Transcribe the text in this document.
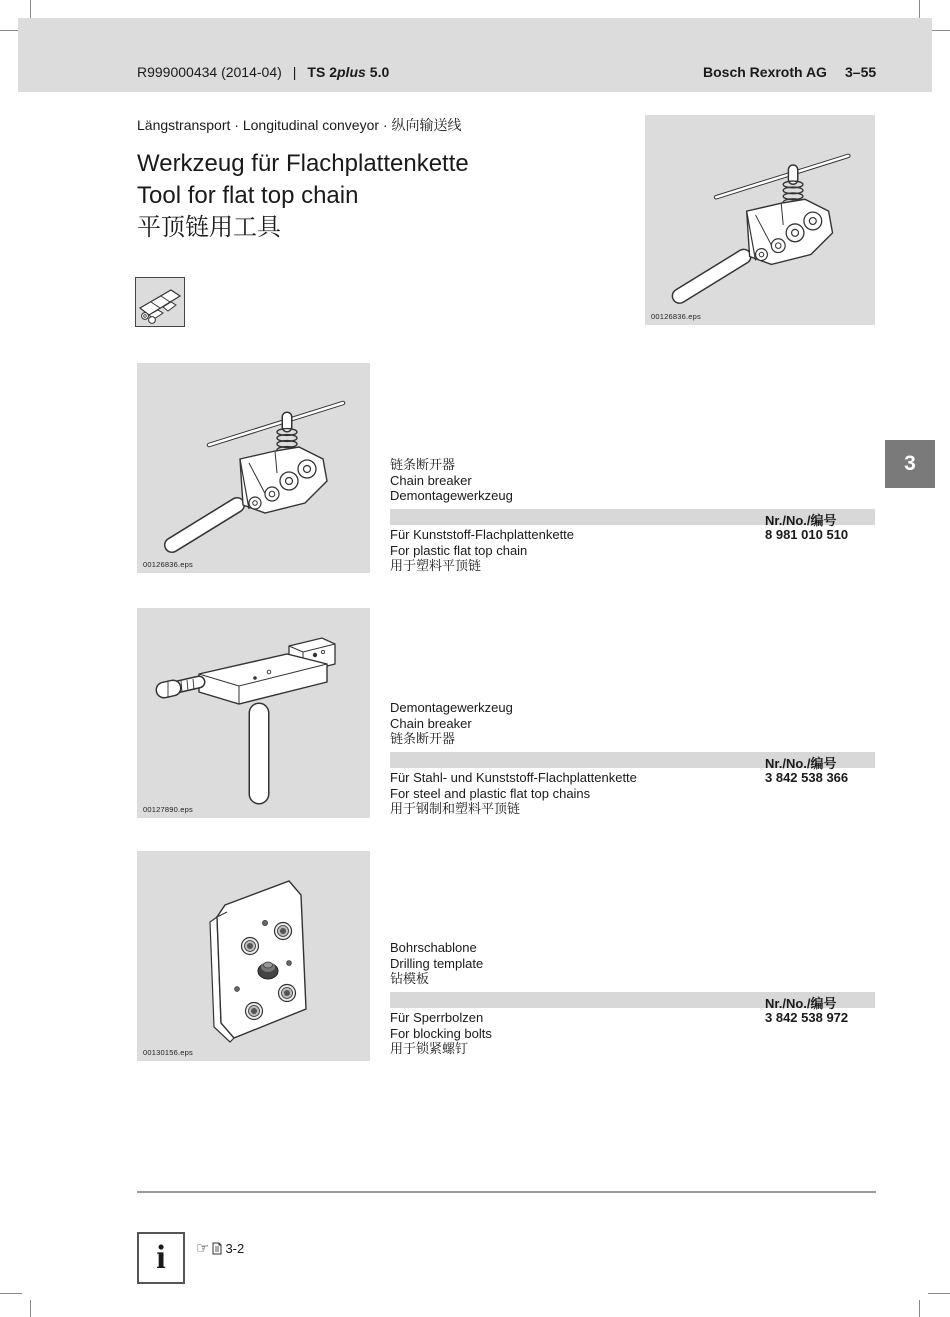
R999000434 (2014-04) | TS 2plus 5.0	Bosch Rexroth AG 3–55
Längstransport · Longitudinal conveyor · 纵向输送线
Werkzeug für Flachplattenkette
Tool for flat top chain
平顶链用工具
00126836.eps
3
00126836.eps
链条断开器
Chain breaker
Demontagewerkzeug
Nr./No./编号
Für Kunststoff-Flachplattenkette
For plastic flat top chain
用于塑料平顶链
8 981 010 510
00127890.eps
Demontagewerkzeug
Chain breaker
链条断开器
Nr./No./编号
Für Stahl- und Kunststoff-Flachplattenkette
For steel and plastic flat top chains
用于钢制和塑料平顶链
3 842 538 366
00130156.eps
Bohrschablone
Drilling template
钻模板
Nr./No./编号
Für Sperrbolzen
For blocking bolts
用于锁紧螺钉
3 842 538 972
i ☞ 3-2
